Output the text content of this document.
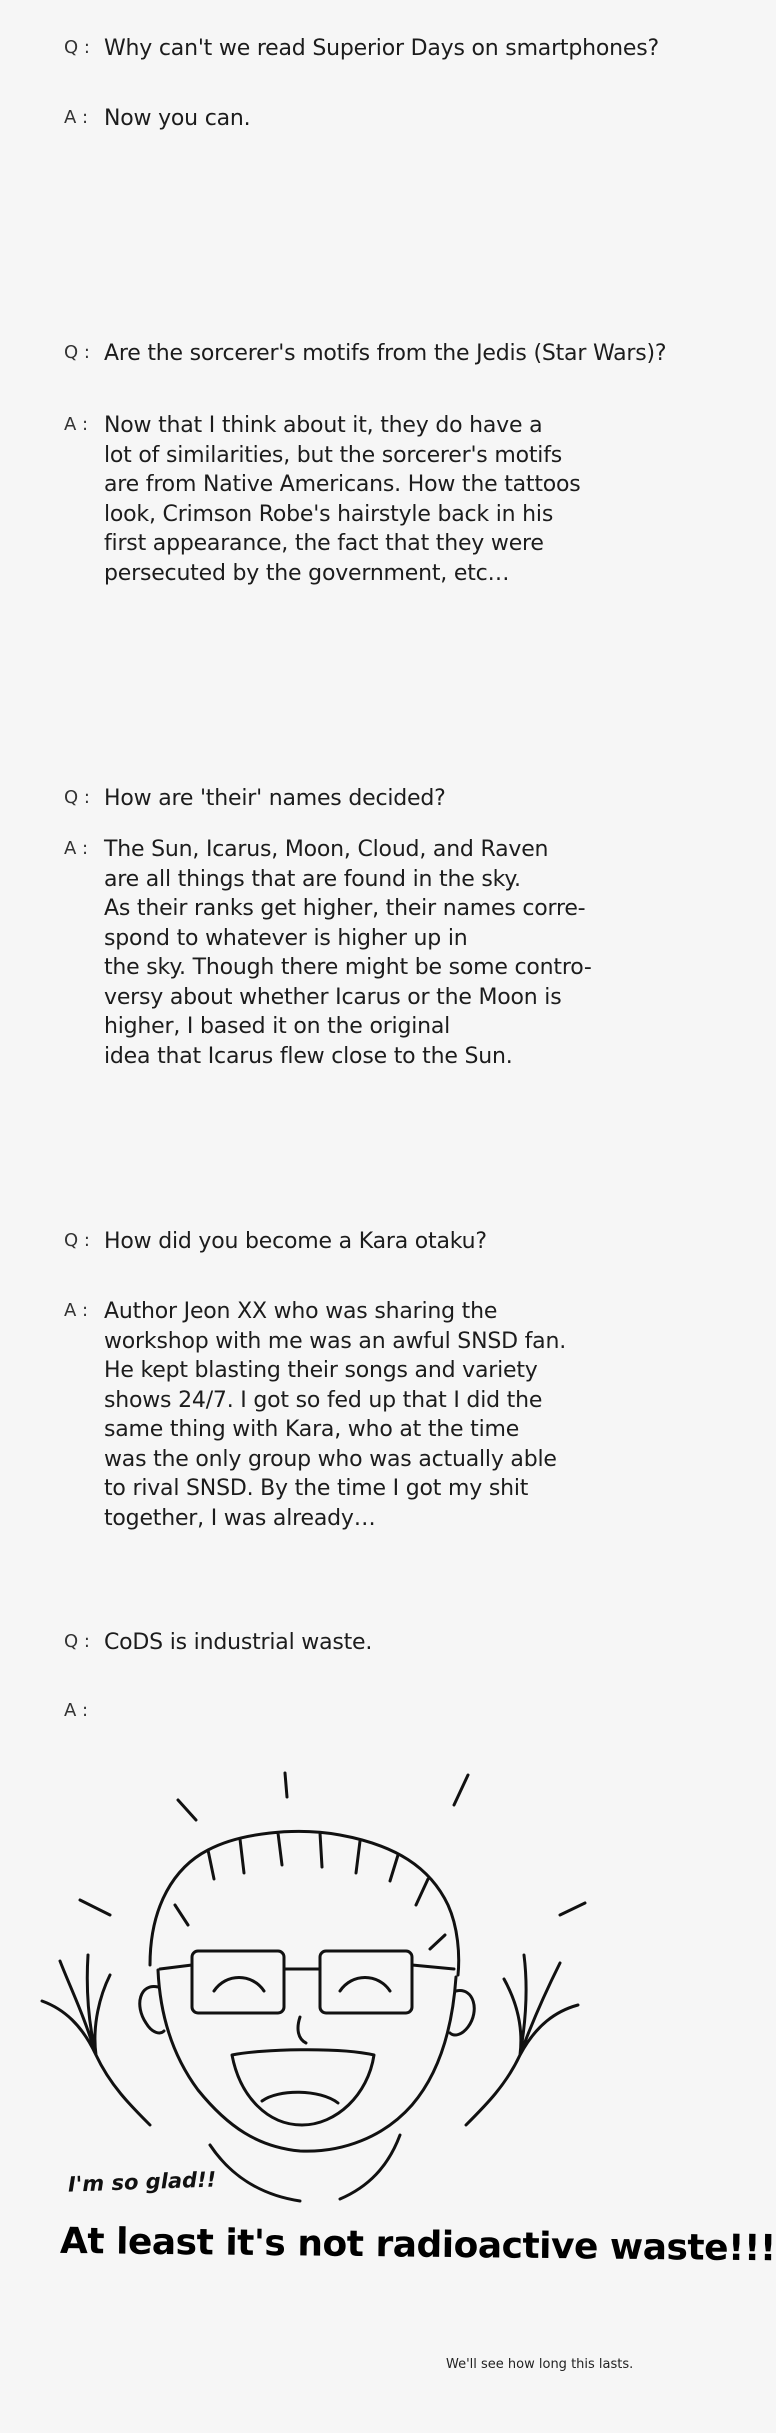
Q : Why can't we read Superior Days on smartphones?
A : Now you can.
Q : Are the sorcerer's motifs from the Jedis (Star Wars)?
A : Now that I think about it, they do have a
lot of similarities, but the sorcerer's motifs
are from Native Americans. How the tattoos
look, Crimson Robe's hairstyle back in his
first appearance, the fact that they were
persecuted by the government, etc…
Q : How are 'their' names decided?
A : The Sun, Icarus, Moon, Cloud, and Raven
are all things that are found in the sky.
As their ranks get higher, their names corre-
spond to whatever is higher up in
the sky. Though there might be some contro-
versy about whether Icarus or the Moon is
higher, I based it on the original
idea that Icarus flew close to the Sun.
Q : How did you become a Kara otaku?
A : Author Jeon XX who was sharing the
workshop with me was an awful SNSD fan.
He kept blasting their songs and variety
shows 24/7. I got so fed up that I did the
same thing with Kara, who at the time
was the only group who was actually able
to rival SNSD. By the time I got my shit
together, I was already…
Q : CoDS is industrial waste.
A :
I'm so glad!!
At least it's not radioactive waste!!!
We'll see how long this lasts.
